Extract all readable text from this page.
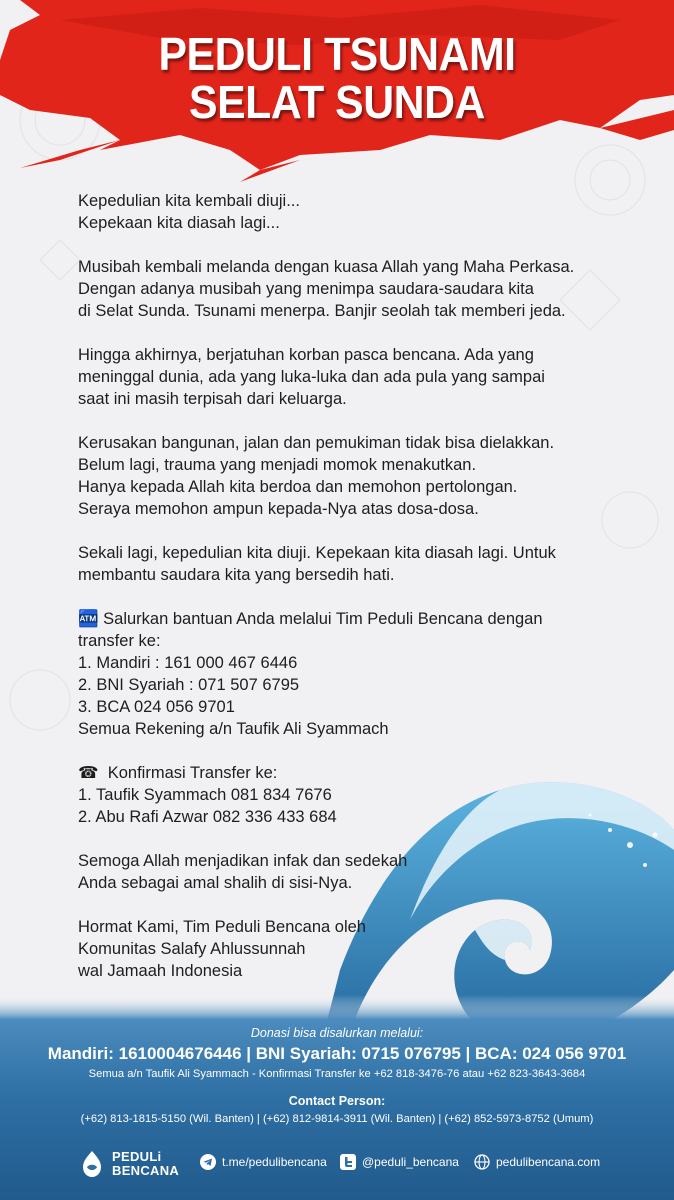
PEDULI TSUNAMI
SELAT SUNDA
Kepedulian kita kembali diuji...
Kepekaan kita diasah lagi...
Musibah kembali melanda dengan kuasa Allah yang Maha Perkasa.
Dengan adanya musibah yang menimpa saudara-saudara kita
di Selat Sunda. Tsunami menerpa. Banjir seolah tak memberi jeda.
Hingga akhirnya, berjatuhan korban pasca bencana. Ada yang
meninggal dunia, ada yang luka-luka dan ada pula yang sampai
saat ini masih terpisah dari keluarga.
Kerusakan bangunan, jalan dan pemukiman tidak bisa dielakkan.
Belum lagi, trauma yang menjadi momok menakutkan.
Hanya kepada Allah kita berdoa dan memohon pertolongan.
Seraya memohon ampun kepada-Nya atas dosa-dosa.
Sekali lagi, kepedulian kita diuji. Kepekaan kita diasah lagi. Untuk
membantu saudara kita yang bersedih hati.
🏧 Salurkan bantuan Anda melalui Tim Peduli Bencana dengan
transfer ke:
1. Mandiri : 161 000 467 6446
2. BNI Syariah : 071 507 6795
3. BCA 024 056 9701
Semua Rekening a/n Taufik Ali Syammach
☎ Konfirmasi Transfer ke:
1. Taufik Syammach 081 834 7676
2. Abu Rafi Azwar 082 336 433 684
Semoga Allah menjadikan infak dan sedekah
Anda sebagai amal shalih di sisi-Nya.
Hormat Kami, Tim Peduli Bencana oleh
Komunitas Salafy Ahlussunnah
wal Jamaah Indonesia
Donasi bisa disalurkan melalui:
Mandiri: 1610004676446 | BNI Syariah: 0715 076795 | BCA: 024 056 9701
Semua a/n Taufik Ali Syammach - Konfirmasi Transfer ke +62 818-3476-76 atau +62 823-3643-3684
Contact Person:
(+62) 813-1815-5150 (Wil. Banten) | (+62) 812-9814-3911 (Wil. Banten) | (+62) 852-5973-8752 (Umum)
PEDULi
BENCANA
t.me/pedulibencana	@peduli_bencana	pedulibencana.com
